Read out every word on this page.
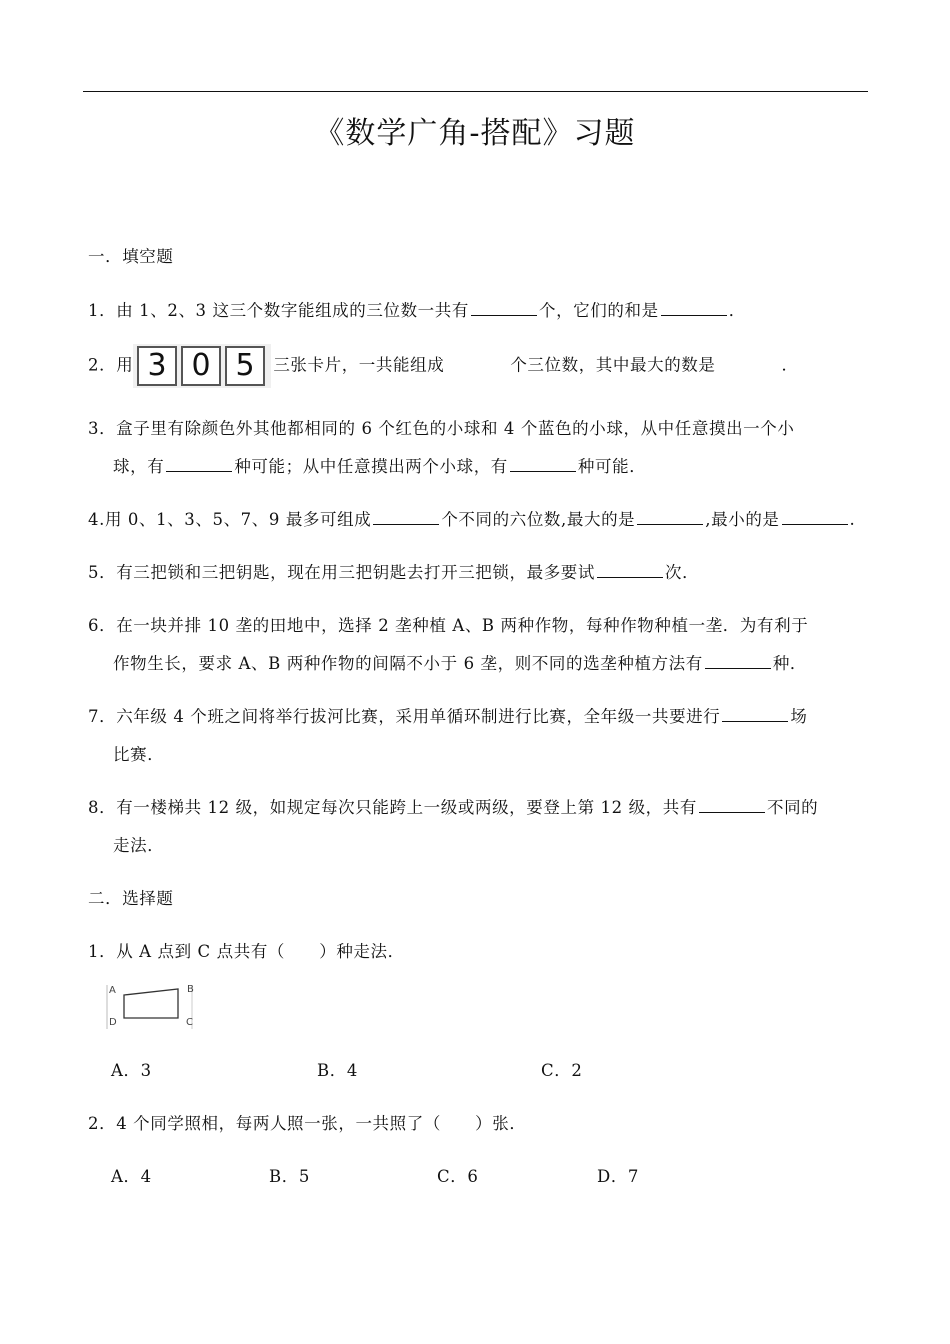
《数学广角-搭配》习题
一．填空题
1．由 1、2、3 这三个数字能组成的三位数一共有	个，它们的和是	．
2．用 3 0 5 三张卡片，一共能组成	个三位数，其中最大的数是	．
3．盒子里有除颜色外其他都相同的 6 个红色的小球和 4 个蓝色的小球，从中任意摸出一个小
球，有	种可能；从中任意摸出两个小球，有	种可能．
4.用 0、1、3、5、7、9 最多可组成	个不同的六位数,最大的是	,最小的是	.
5．有三把锁和三把钥匙，现在用三把钥匙去打开三把锁，最多要试	次．
6．在一块并排 10 垄的田地中，选择 2 垄种植 A、B 两种作物，每种作物种植一垄．为有利于
作物生长，要求 A、B 两种作物的间隔不小于 6 垄，则不同的选垄种植方法有	种．
7．六年级 4 个班之间将举行拔河比赛，采用单循环制进行比赛，全年级一共要进行	场
比赛．
8．有一楼梯共 12 级，如规定每次只能跨上一级或两级，要登上第 12 级，共有	不同的
走法．
二．选择题
1．从 A 点到 C 点共有（　　）种走法．
A	B
C
D
A．3	B．4	C．2
2．4 个同学照相，每两人照一张，一共照了（　　）张．
A．4	B．5	C．6	D．7
